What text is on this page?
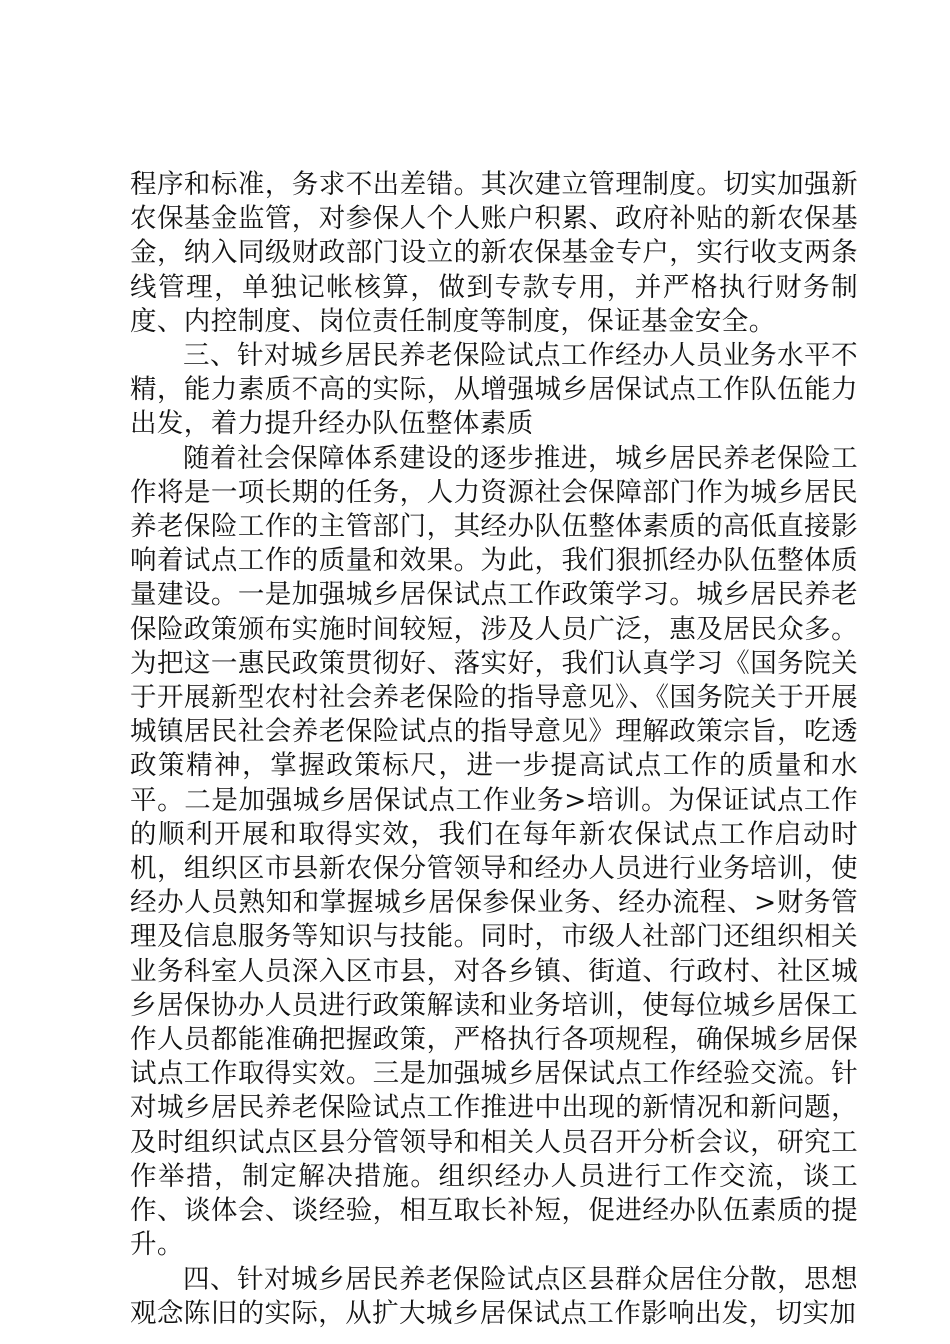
程序和标准，务求不出差错。其次建立管理制度。切实加强新农保基金监管，对参保人个人账户积累、政府补贴的新农保基金，纳入同级财政部门设立的新农保基金专户，实行收支两条线管理，单独记帐核算，做到专款专用，并严格执行财务制度、内控制度、岗位责任制度等制度，保证基金安全。

三、针对城乡居民养老保险试点工作经办人员业务水平不精，能力素质不高的实际，从增强城乡居保试点工作队伍能力出发，着力提升经办队伍整体素质

随着社会保障体系建设的逐步推进，城乡居民养老保险工作将是一项长期的任务，人力资源社会保障部门作为城乡居民养老保险工作的主管部门，其经办队伍整体素质的高低直接影响着试点工作的质量和效果。为此，我们狠抓经办队伍整体质量建设。一是加强城乡居保试点工作政策学习。城乡居民养老保险政策颁布实施时间较短，涉及人员广泛，惠及居民众多。为把这一惠民政策贯彻好、落实好，我们认真学习《国务院关于开展新型农村社会养老保险的指导意见》、《国务院关于开展城镇居民社会养老保险试点的指导意见》理解政策宗旨，吃透政策精神，掌握政策标尺，进一步提高试点工作的质量和水平。二是加强城乡居保试点工作业务>培训。为保证试点工作的顺利开展和取得实效，我们在每年新农保试点工作启动时机，组织区市县新农保分管领导和经办人员进行业务培训，使经办人员熟知和掌握城乡居保参保业务、经办流程、>财务管理及信息服务等知识与技能。同时，市级人社部门还组织相关业务科室人员深入区市县，对各乡镇、街道、行政村、社区城乡居保协办人员进行政策解读和业务培训，使每位城乡居保工作人员都能准确把握政策，严格执行各项规程，确保城乡居保试点工作取得实效。三是加强城乡居保试点工作经验交流。针对城乡居民养老保险试点工作推进中出现的新情况和新问题，及时组织试点区县分管领导和相关人员召开分析会议，研究工作举措，制定解决措施。组织经办人员进行工作交流，谈工作、谈体会、谈经验，相互取长补短，促进经办队伍素质的提升。

四、针对城乡居民养老保险试点区县群众居住分散，思想观念陈旧的实际，从扩大城乡居保试点工作影响出发，切实加
